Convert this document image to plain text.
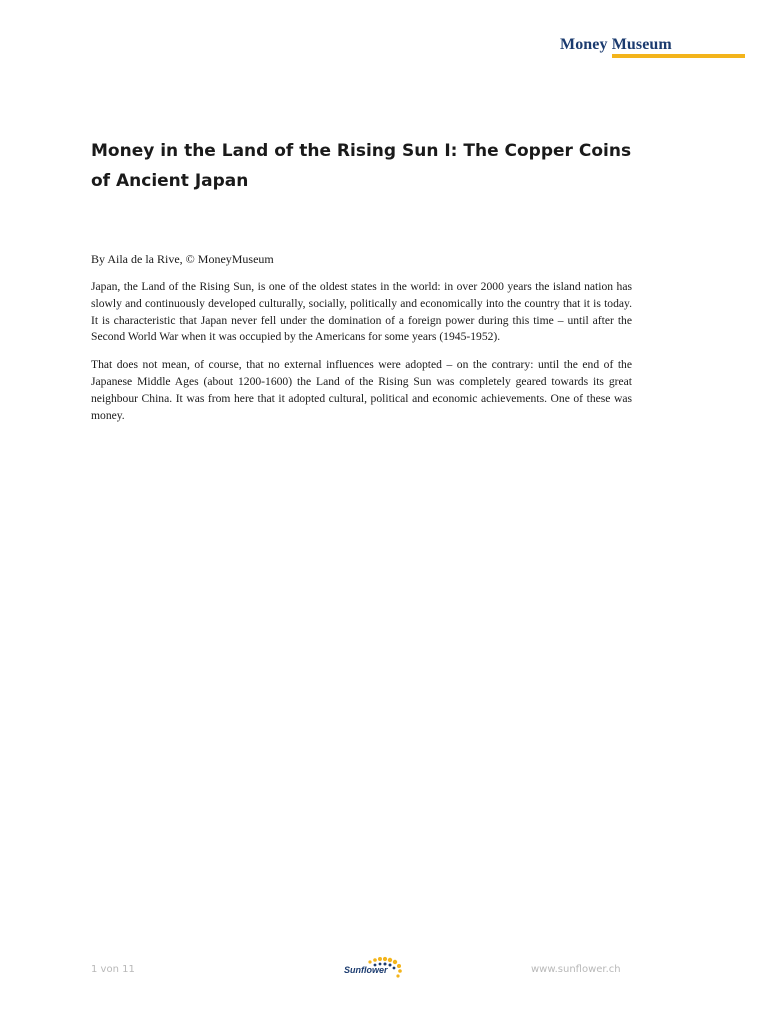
Money Museum
Money in the Land of the Rising Sun I: The Copper Coins of Ancient Japan

By Aila de la Rive, © MoneyMuseum

Japan, the Land of the Rising Sun, is one of the oldest states in the world: in over 2000 years the island nation has slowly and continuously developed culturally, socially, politically and economically into the country that it is today. It is characteristic that Japan never fell under the domination of a foreign power during this time – until after the Second World War when it was occupied by the Americans for some years (1945-1952).

That does not mean, of course, that no external influences were adopted – on the contrary: until the end of the Japanese Middle Ages (about 1200-1600) the Land of the Rising Sun was completely geared towards its great neighbour China. It was from here that it adopted cultural, political and economic achievements. One of these was money.

1 von 11	Sunflower	www.sunflower.ch
